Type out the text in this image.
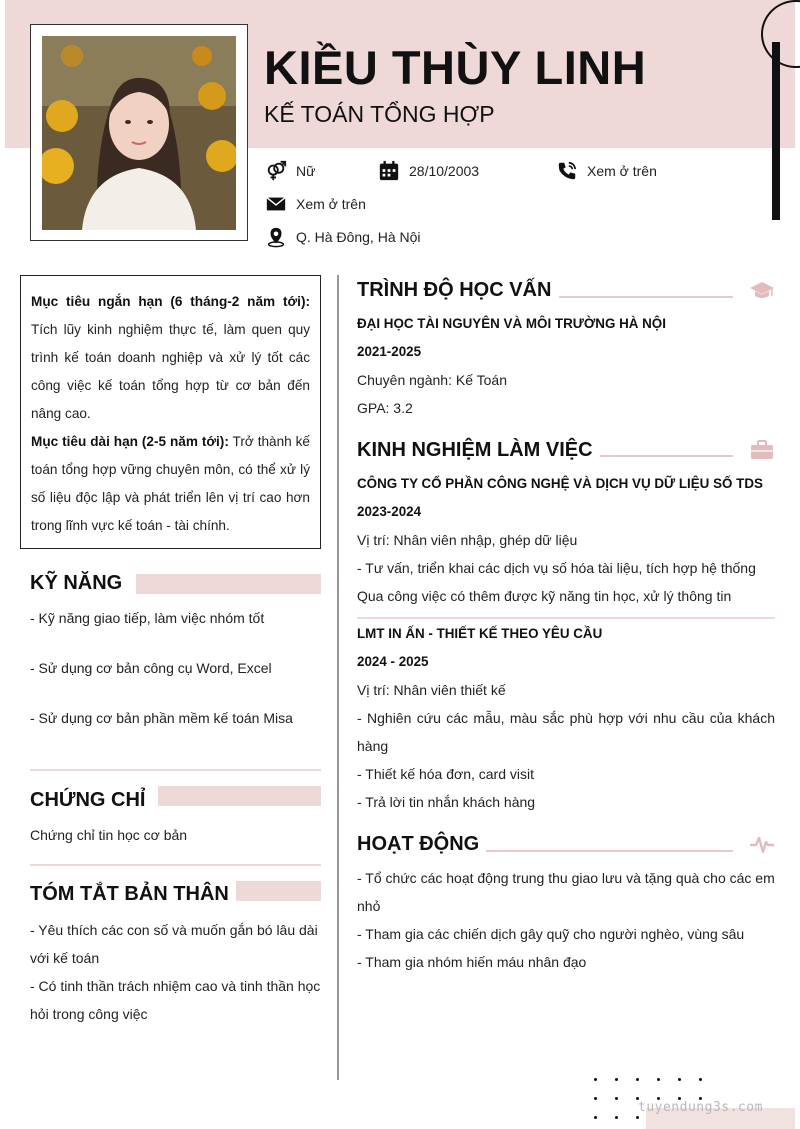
KIỀU THÙY LINH
KẾ TOÁN TỔNG HỢP
Nữ	28/10/2003	Xem ở trên
Xem ở trên
Q. Hà Đông, Hà Nội
Mục tiêu ngắn hạn (6 tháng-2 năm tới): Tích lũy kinh nghiệm thực tế, làm quen quy trình kế toán doanh nghiệp và xử lý tốt các công việc kế toán tổng hợp từ cơ bản đến nâng cao.
Mục tiêu dài hạn (2-5 năm tới): Trở thành kế toán tổng hợp vững chuyên môn, có thể xử lý số liệu độc lập và phát triển lên vị trí cao hơn trong lĩnh vực kế toán - tài chính.
KỸ NĂNG
- Kỹ năng giao tiếp, làm việc nhóm tốt
- Sử dụng cơ bản công cụ Word, Excel
- Sử dụng cơ bản phần mềm kế toán Misa
CHỨNG CHỈ
Chứng chỉ tin học cơ bản
TÓM TẮT BẢN THÂN
- Yêu thích các con số và muốn gắn bó lâu dài với kế toán
- Có tinh thần trách nhiệm cao và tinh thần học hỏi trong công việc
TRÌNH ĐỘ HỌC VẤN
ĐẠI HỌC TÀI NGUYÊN VÀ MÔI TRƯỜNG HÀ NỘI
2021-2025
Chuyên ngành: Kế Toán
GPA: 3.2
KINH NGHIỆM LÀM VIỆC
CÔNG TY CỔ PHẦN CÔNG NGHỆ VÀ DỊCH VỤ DỮ LIỆU SỐ TDS
2023-2024
Vị trí: Nhân viên nhập, ghép dữ liệu
- Tư vấn, triển khai các dịch vụ số hóa tài liệu, tích hợp hệ thống
Qua công việc có thêm được kỹ năng tin học, xử lý thông tin
LMT IN ẤN - THIẾT KẾ THEO YÊU CẦU
2024 - 2025
Vị trí: Nhân viên thiết kế
- Nghiên cứu các mẫu, màu sắc phù hợp với nhu cầu của khách hàng
- Thiết kế hóa đơn, card visit
- Trả lời tin nhắn khách hàng
HOẠT ĐỘNG
- Tổ chức các hoạt động trung thu giao lưu và tặng quà cho các em nhỏ
- Tham gia các chiến dịch gây quỹ cho người nghèo, vùng sâu
- Tham gia nhóm hiến máu nhân đạo
tuyendung3s.com
